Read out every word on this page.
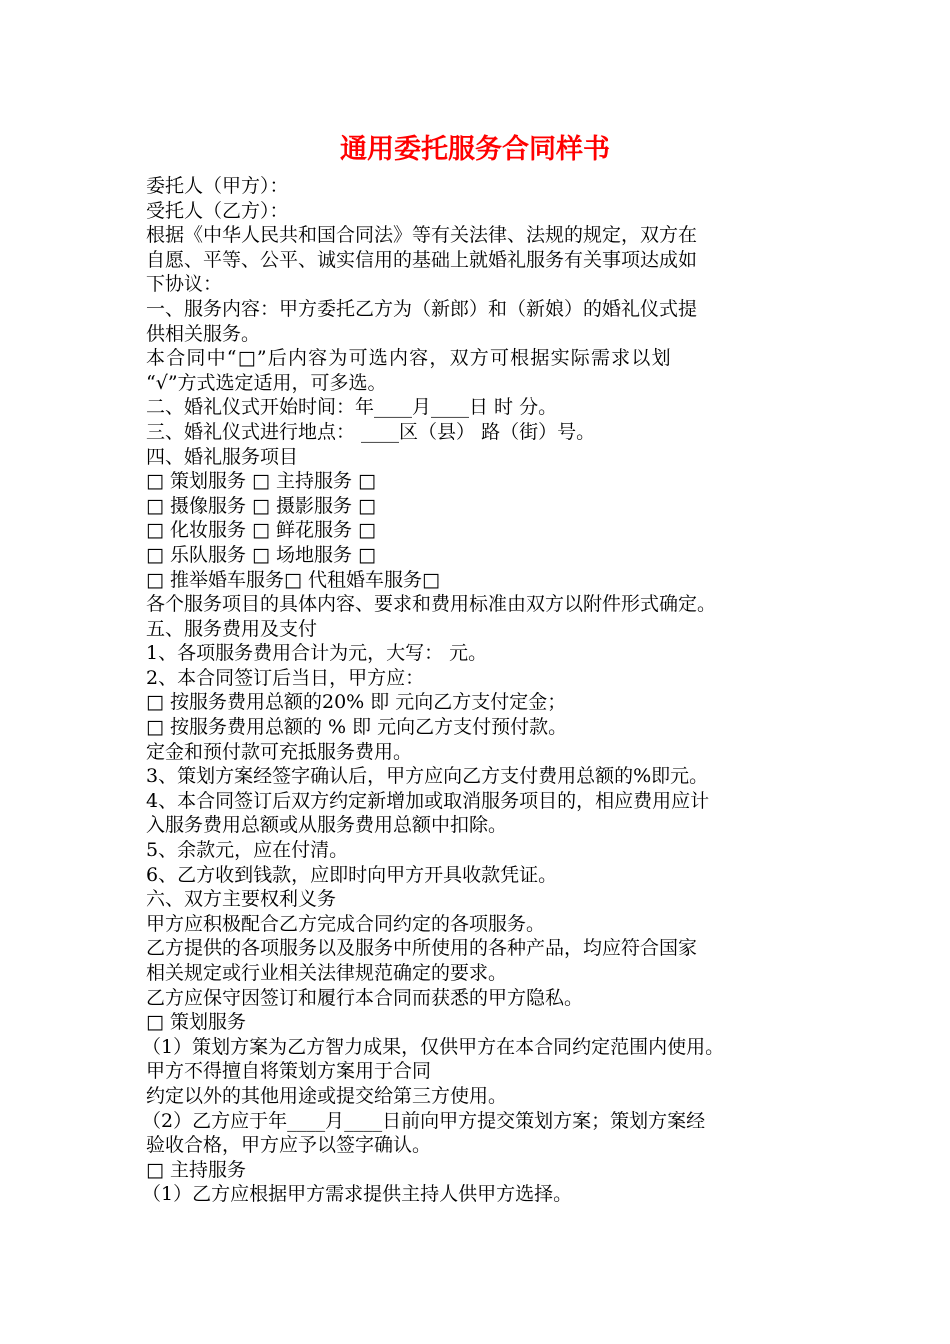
通用委托服务合同样书
委托人（甲方）：
受托人（乙方）：
根据《中华人民共和国合同法》等有关法律、法规的规定，双方在
自愿、平等、公平、诚实信用的基础上就婚礼服务有关事项达成如
下协议：
一、服务内容：甲方委托乙方为（新郎）和（新娘）的婚礼仪式提
供相关服务。
本合同中“□”后内容为可选内容，双方可根据实际需求以划
“√”方式选定适用，可多选。
二、婚礼仪式开始时间：年____月____日 时 分。
三、婚礼仪式进行地点： ____区（县） 路（街）号。
四、婚礼服务项目
□ 策划服务 □ 主持服务 □
□ 摄像服务 □ 摄影服务 □
□ 化妆服务 □ 鲜花服务 □
□ 乐队服务 □ 场地服务 □
□ 推举婚车服务□ 代租婚车服务□
各个服务项目的具体内容、要求和费用标准由双方以附件形式确定。
五、服务费用及支付
1、各项服务费用合计为元，大写： 元。
2、本合同签订后当日，甲方应：
□ 按服务费用总额的20% 即 元向乙方支付定金；
□ 按服务费用总额的 % 即 元向乙方支付预付款。
定金和预付款可充抵服务费用。
3、策划方案经签字确认后，甲方应向乙方支付费用总额的%即元。
4、本合同签订后双方约定新增加或取消服务项目的，相应费用应计
入服务费用总额或从服务费用总额中扣除。
5、余款元，应在付清。
6、乙方收到钱款，应即时向甲方开具收款凭证。
六、双方主要权利义务
甲方应积极配合乙方完成合同约定的各项服务。
乙方提供的各项服务以及服务中所使用的各种产品，均应符合国家
相关规定或行业相关法律规范确定的要求。
乙方应保守因签订和履行本合同而获悉的甲方隐私。
□ 策划服务
（1）策划方案为乙方智力成果，仅供甲方在本合同约定范围内使用。
甲方不得擅自将策划方案用于合同
约定以外的其他用途或提交给第三方使用。
（2）乙方应于年____月____日前向甲方提交策划方案；策划方案经
验收合格，甲方应予以签字确认。
□ 主持服务
（1）乙方应根据甲方需求提供主持人供甲方选择。
